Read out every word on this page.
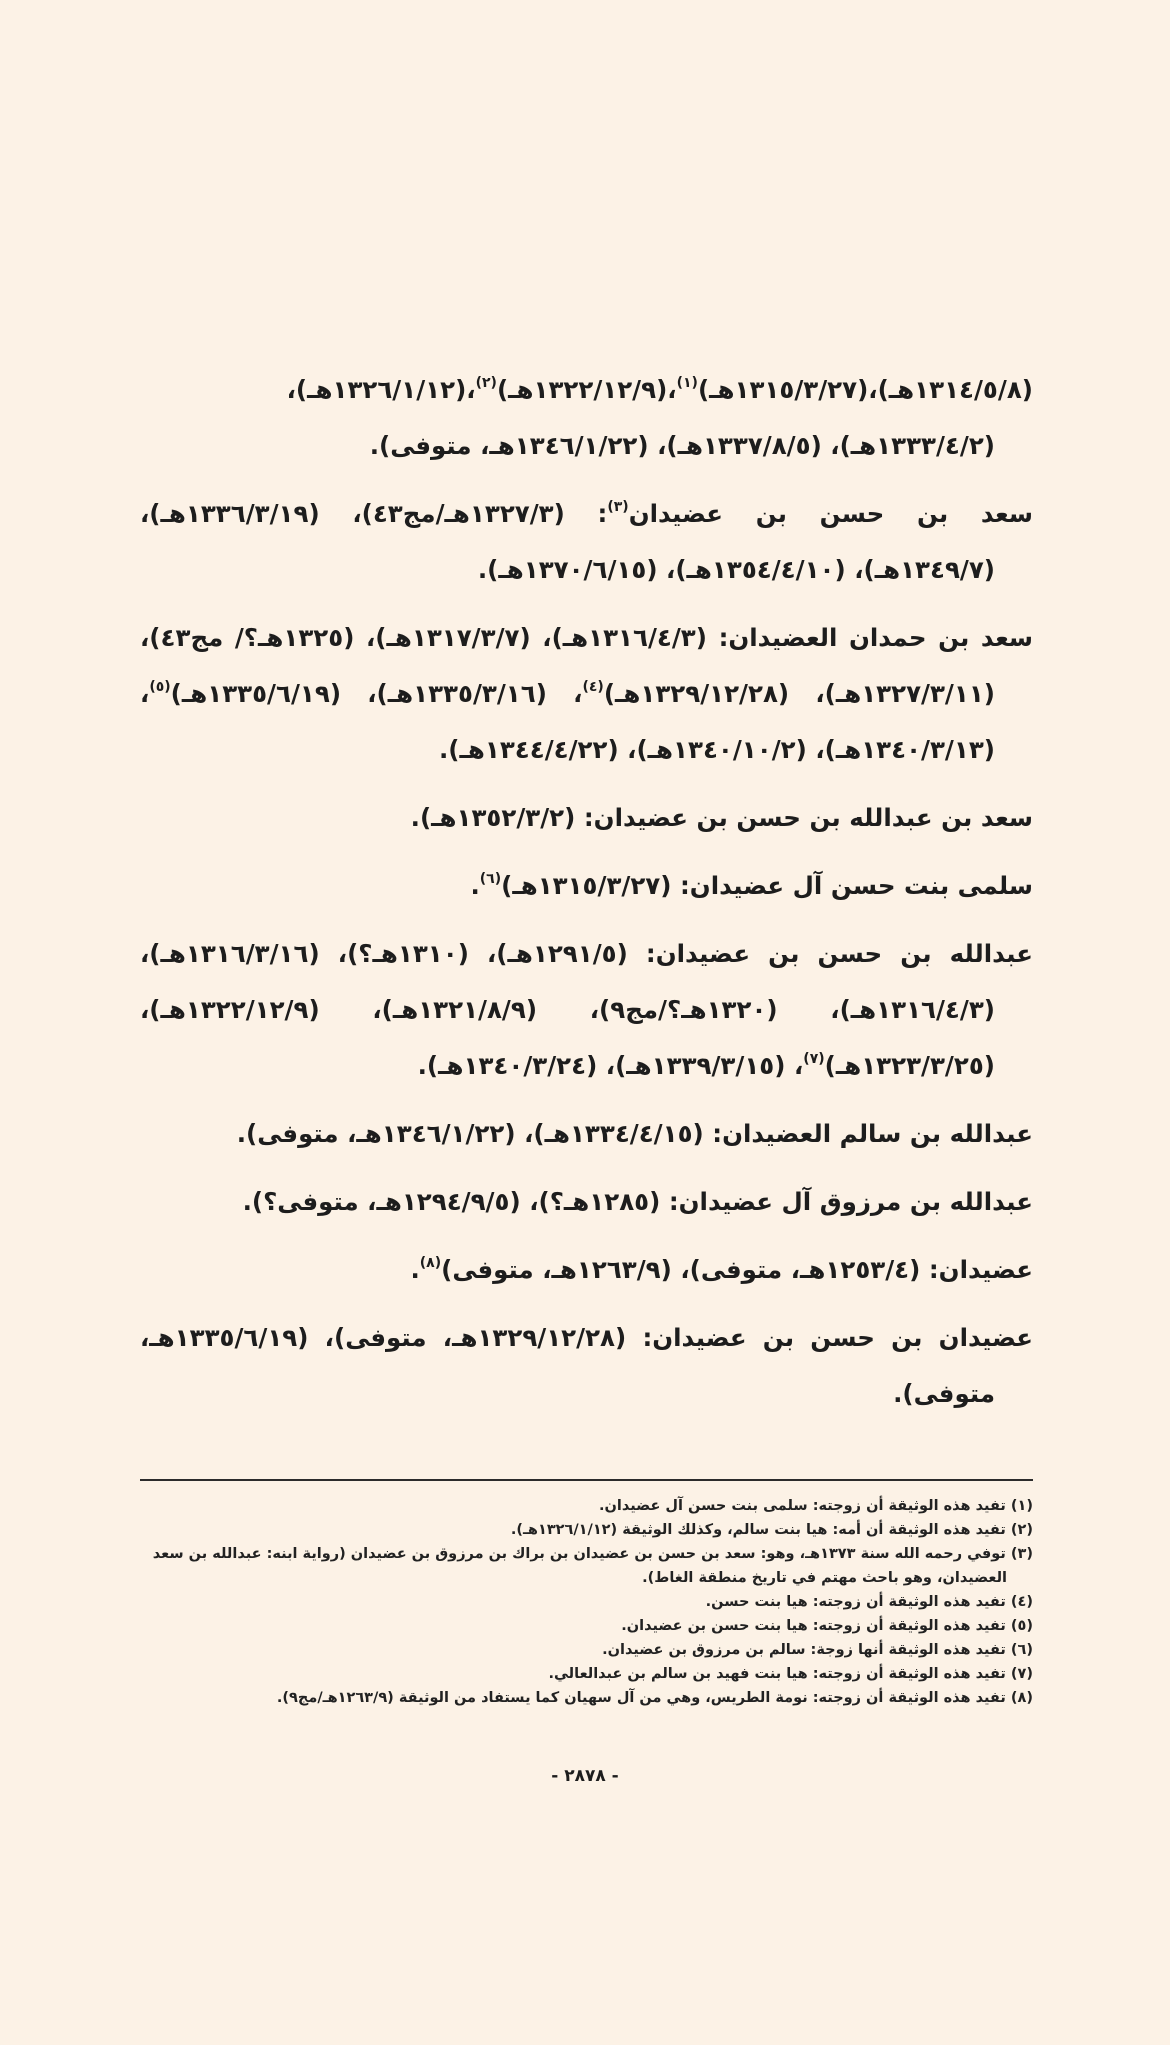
(١٣١٤/٥/٨هـ)،(١٣١٥/٣/٢٧هـ)$^{(١)}$،(١٣٢٢/١٢/٩هـ)$^{(٢)}$،(١٣٢٦/١/١٢هـ)، (١٣٣٣/٤/٢هـ)، (١٣٣٧/٨/٥هـ)، (١٣٤٦/١/٢٢هـ، متوفى).

سعد بن حسن بن عضيدان$^{(٣)}$: (١٣٢٧/٣هـ/مج٤٣)، (١٣٣٦/٣/١٩هـ)، (١٣٤٩/٧هـ)، (١٣٥٤/٤/١٠هـ)، (١٣٧٠/٦/١٥هـ).

سعد بن حمدان العضيدان: (١٣١٦/٤/٣هـ)، (١٣١٧/٣/٧هـ)، (١٣٢٥هـ؟/ مج٤٣)، (١٣٢٧/٣/١١هـ)، (١٣٢٩/١٢/٢٨هـ)$^{(٤)}$، (١٣٣٥/٣/١٦هـ)، (١٣٣٥/٦/١٩هـ)$^{(٥)}$، (١٣٤٠/٣/١٣هـ)، (١٣٤٠/١٠/٢هـ)، (١٣٤٤/٤/٢٢هـ).

سعد بن عبدالله بن حسن بن عضيدان: (١٣٥٢/٣/٢هـ).

سلمى بنت حسن آل عضيدان: (١٣١٥/٣/٢٧هـ)$^{(٦)}$.

عبدالله بن حسن بن عضيدان: (١٢٩١/٥هـ)، (١٣١٠هـ؟)، (١٣١٦/٣/١٦هـ)، (١٣١٦/٤/٣هـ)، (١٣٢٠هـ؟/مج٩)، (١٣٢١/٨/٩هـ)، (١٣٢٢/١٢/٩هـ)، (١٣٢٣/٣/٢٥هـ)$^{(٧)}$، (١٣٣٩/٣/١٥هـ)، (١٣٤٠/٣/٢٤هـ).

عبدالله بن سالم العضيدان: (١٣٣٤/٤/١٥هـ)، (١٣٤٦/١/٢٢هـ، متوفى).

عبدالله بن مرزوق آل عضيدان: (١٢٨٥هـ؟)، (١٢٩٤/٩/٥هـ، متوفى؟).

عضيدان: (١٢٥٣/٤هـ، متوفى)، (١٢٦٣/٩هـ، متوفى)$^{(٨)}$.

عضيدان بن حسن بن عضيدان: (١٣٢٩/١٢/٢٨هـ، متوفى)، (١٣٣٥/٦/١٩هـ، متوفى).

(١) تفيد هذه الوثيقة أن زوجته: سلمى بنت حسن آل عضيدان.
(٢) تفيد هذه الوثيقة أن أمه: هيا بنت سالم، وكذلك الوثيقة (١٣٢٦/١/١٢هـ).
(٣) توفي رحمه الله سنة ١٣٧٣هـ، وهو: سعد بن حسن بن عضيدان بن براك بن مرزوق بن عضيدان (رواية ابنه: عبدالله بن سعد العضيدان، وهو باحث مهتم في تاريخ منطقة الغاط).
(٤) تفيد هذه الوثيقة أن زوجته: هيا بنت حسن.
(٥) تفيد هذه الوثيقة أن زوجته: هيا بنت حسن بن عضيدان.
(٦) تفيد هذه الوثيقة أنها زوجة: سالم بن مرزوق بن عضيدان.
(٧) تفيد هذه الوثيقة أن زوجته: هيا بنت فهيد بن سالم بن عبدالعالي.
(٨) تفيد هذه الوثيقة أن زوجته: نومة الطريس، وهي من آل سهيان كما يستفاد من الوثيقة (١٢٦٣/٩هـ/مج٩).
- ٢٨٧٨ -
